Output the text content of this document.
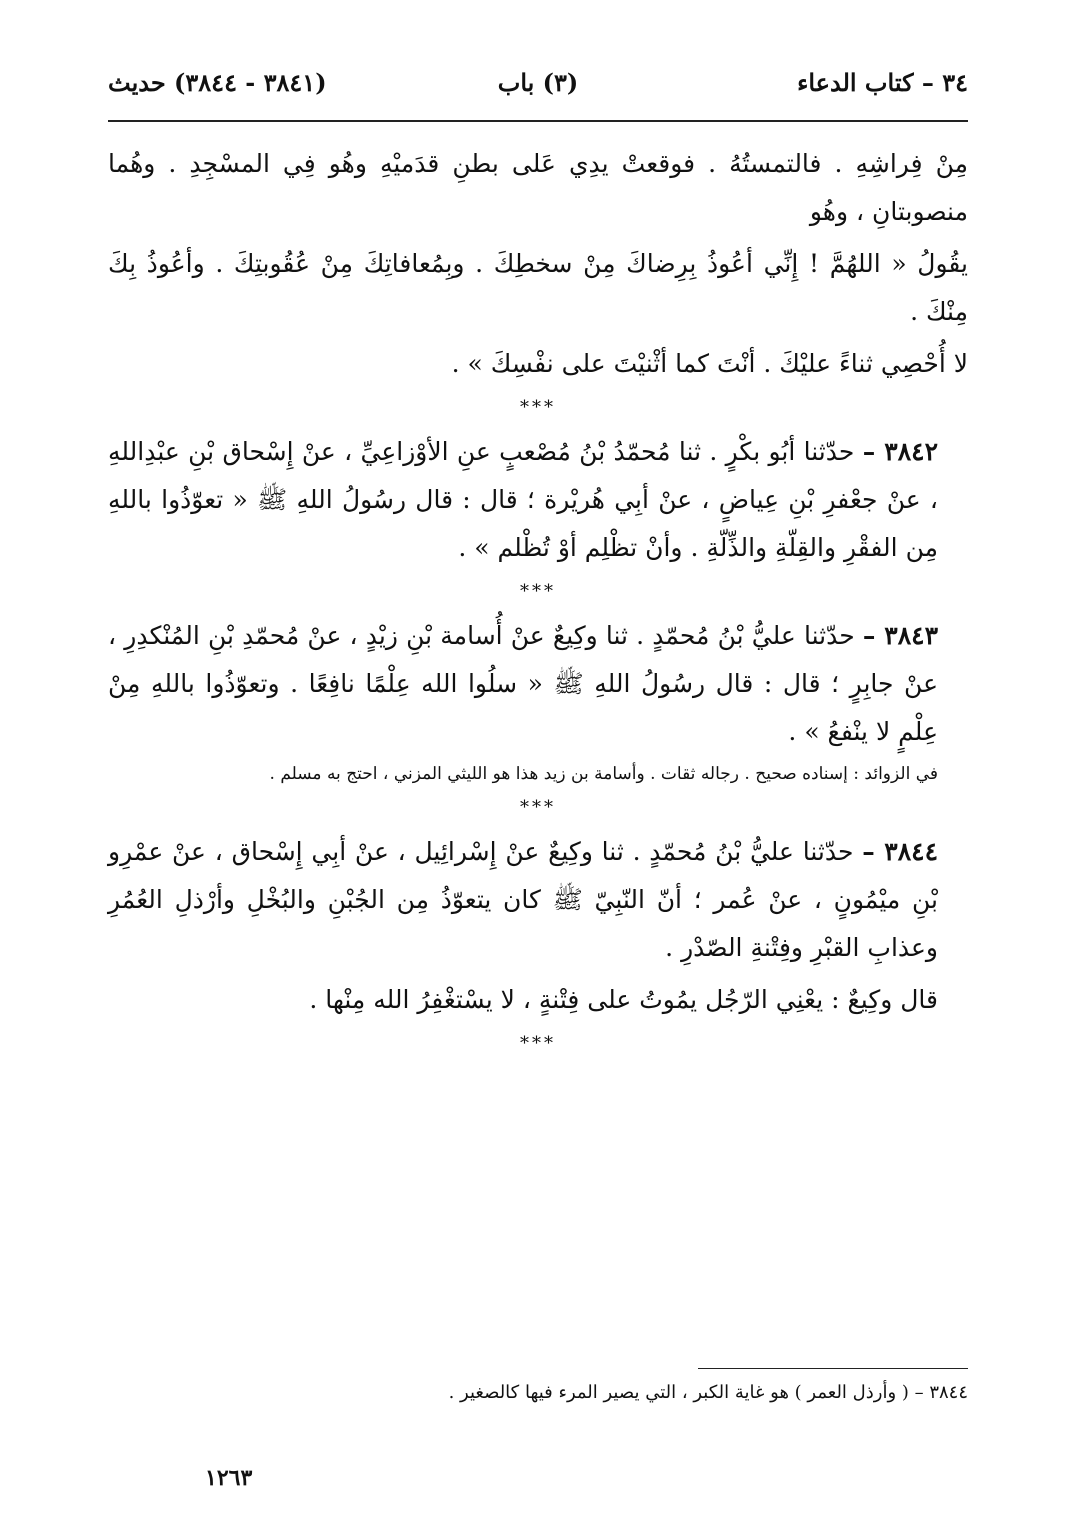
٣٤ – كتاب الدعاء
(٣) باب
(٣٨٤١ - ٣٨٤٤) حديث

مِنْ فِراشِهِ . فالتمستُهُ . فوقعتْ يدِي عَلى بطنِ قدَميْهِ وهُو فِي المسْجِدِ . وهُما منصوبتانِ ، وهُو

يقُولُ « اللهُمَّ ! إِنِّي أعُوذُ بِرِضاكَ مِنْ سخطِكَ . وبِمُعافاتِكَ مِنْ عُقُوبتِكَ . وأعُوذُ بِكَ مِنْكَ .

لا أُحْصِي ثناءً عليْكَ . أنْتَ كما أثْنيْتَ على نفْسِكَ » .

***

٣٨٤٢ – حدّثنا أبُو بكْرٍ . ثنا مُحمّدُ بْنُ مُصْعبٍ عنِ الأوْزاعِيِّ ، عنْ إِسْحاق بْنِ عبْدِاللهِ ، عنْ جعْفرِ بْنِ عِياضٍ ، عنْ أبِي هُريْرة ؛ قال : قال رسُولُ اللهِ ﷺ « تعوّذُوا باللهِ مِن الفقْرِ والقِلّةِ والذِّلّةِ . وأنْ تظْلِم أوْ تُظْلم » .

***

٣٨٤٣ – حدّثنا عليُّ بْنُ مُحمّدٍ . ثنا وكِيعٌ عنْ أُسامة بْنِ زيْدٍ ، عنْ مُحمّدِ بْنِ المُنْكدِرِ ، عنْ جابِرٍ ؛ قال : قال رسُولُ اللهِ ﷺ « سلُوا الله عِلْمًا نافِعًا . وتعوّذُوا باللهِ مِنْ عِلْمٍ لا ينْفعُ » .

في الزوائد : إسناده صحيح . رجاله ثقات . وأسامة بن زيد هذا هو الليثي المزني ، احتج به مسلم .

***

٣٨٤٤ – حدّثنا عليُّ بْنُ مُحمّدٍ . ثنا وكِيعٌ عنْ إِسْرائِيل ، عنْ أبِي إِسْحاق ، عنْ عمْرِو بْنِ ميْمُونٍ ، عنْ عُمر ؛ أنّ النّبِيّ ﷺ كان يتعوّذُ مِن الجُبْنِ والبُخْلِ وأرْذلِ العُمُرِ وعذابِ القبْرِ وفِتْنةِ الصّدْرِ .

قال وكِيعٌ : يعْنِي الرّجُل يمُوتُ على فِتْنةٍ ، لا يسْتغْفِرُ الله مِنْها .

***
٣٨٤٤ – ( وأرذل العمر ) هو غاية الكبر ، التي يصير المرء فيها كالصغير .
١٢٦٣
